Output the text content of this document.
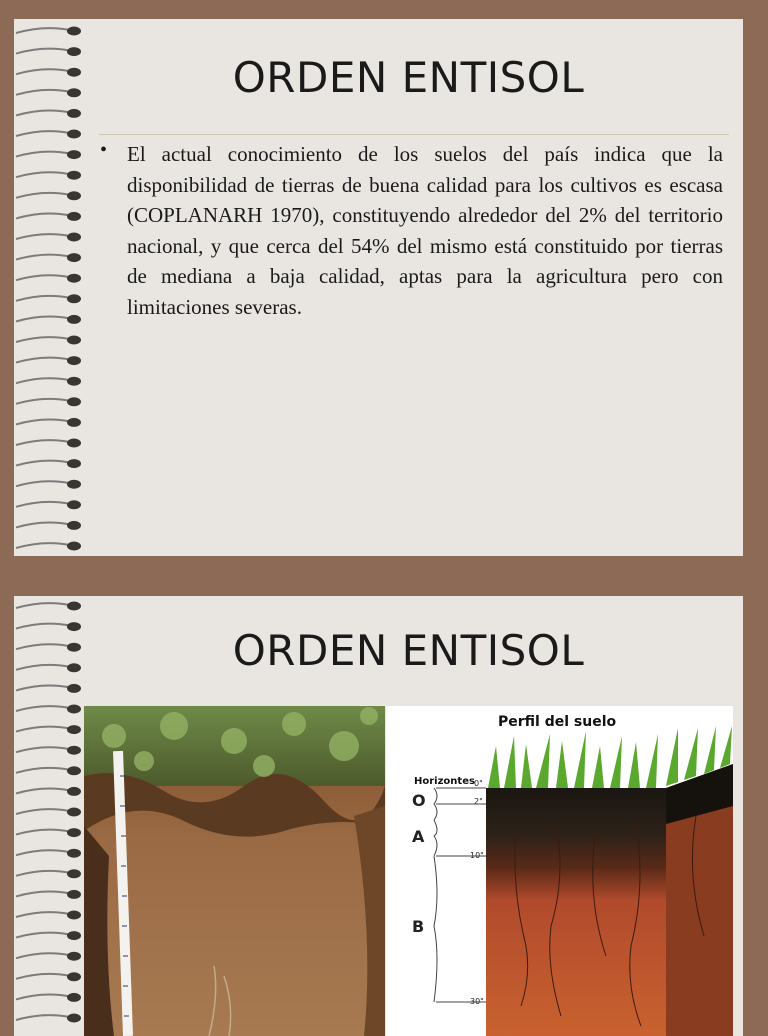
ORDEN ENTISOL
• El actual conocimiento de los suelos del país indica que la disponibilidad de tierras de buena calidad para los cultivos es escasa (COPLANARH 1970), constituyendo alrededor del 2% del territorio nacional, y que cerca del 54% del mismo está constituido por tierras de mediana a baja calidad, aptas para la agricultura pero con limitaciones severas.
ORDEN ENTISOL
Perfil del suelo
Horizontes
O
A
B
0"
2"
10"
30"
